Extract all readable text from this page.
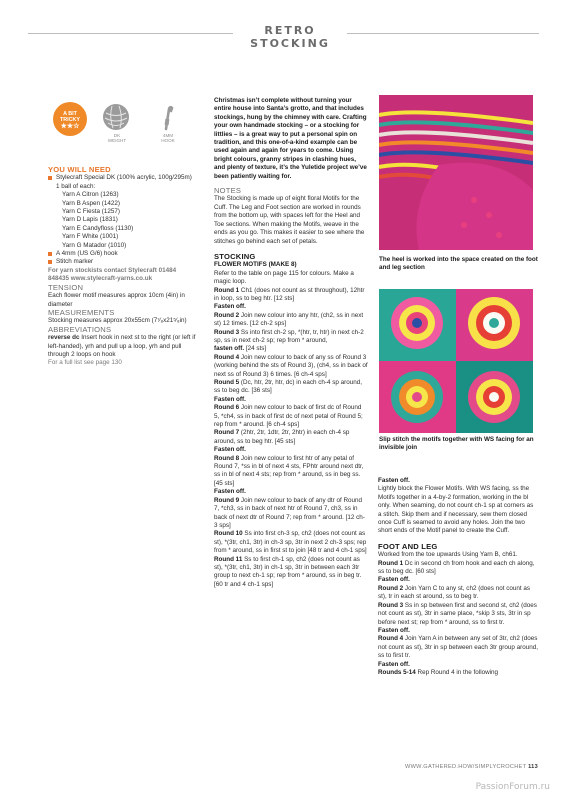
RETRO STOCKING
A BIT TRICKY
★★☆
DK
WEIGHT
4MM
HOOK

YOU WILL NEED

Stylecraft Special DK (100% acrylic, 100g/295m)
1 ball of each:
Yarn A Citron (1263)
Yarn B Aspen (1422)
Yarn C Fiesta (1257)
Yarn D Lapis (1831)
Yarn E Candyfloss (1130)
Yarn F White (1001)
Yarn G Matador (1010)
A 4mm (US G/6) hook
Stitch marker

For yarn stockists contact Stylecraft 01484 848435 www.stylecraft-yarns.co.uk

TENSION

Each flower motif measures approx 10cm (4in) in diameter

MEASUREMENTS

Stocking measures approx 20x55cm (7⁷⁄₈x21⁵⁄₈in)

ABBREVIATIONS

reverse dc Insert hook in next st to the right (or left if left-handed), yrh and pull up a loop, yrh and pull through 2 loops on hook

For a full list see page 130

Christmas isn’t complete without turning your entire house into Santa’s grotto, and that includes stockings, hung by the chimney with care. Crafting your own handmade stocking – or a stocking for littlies – is a great way to put a personal spin on tradition, and this one-of-a-kind example can be used again and again for years to come. Using bright colours, granny stripes in clashing hues, and plenty of texture, it’s the Yuletide project we’ve been patiently waiting for.

NOTES

The Stocking is made up of eight floral Motifs for the Cuff. The Leg and Foot section are worked in rounds from the bottom up, with spaces left for the Heel and Toe sections. When making the Motifs, weave in the ends as you go. This makes it easier to see where the stitches go behind each set of petals.

STOCKING

FLOWER MOTIFS (MAKE 8)

Refer to the table on page 115 for colours. Make a magic loop.

Round 1 Ch1 (does not count as st throughout), 12htr in loop, ss to beg htr. [12 sts]

Fasten off.

Round 2 Join new colour into any htr, (ch2, ss in next st) 12 times. [12 ch-2 sps]

Round 3 Ss into first ch-2 sp, *(htr, tr, htr) in next ch-2 sp, ss in next ch-2 sp; rep from * around,

fasten off. [24 sts]

Round 4 Join new colour to back of any ss of Round 3 (working behind the sts of Round 3), (ch4, ss in back of next ss of Round 3) 6 times. [6 ch-4 sps]

Round 5 (Dc, htr, 2tr, htr, dc) in each ch-4 sp around, ss to beg dc. [36 sts]

Fasten off.

Round 6 Join new colour to back of first dc of Round 5, *ch4, ss in back of first dc of next petal of Round 5; rep from * around. [6 ch-4 sps]

Round 7 (2htr, 2tr, 1dtr, 2tr, 2htr) in each ch-4 sp around, ss to beg htr. [45 sts]

Fasten off.

Round 8 Join new colour to first htr of any petal of Round 7, *ss in bl of next 4 sts, FPhtr around next dtr, ss in bl of next 4 sts; rep from * around, ss in beg ss. [45 sts]

Fasten off.

Round 9 Join new colour to back of any dtr of Round 7, *ch3, ss in back of next htr of Round 7, ch3, ss in back of next dtr of Round 7; rep from * around. [12 ch-3 sps]

Round 10 Ss into first ch-3 sp, ch2 (does not count as st), *(3tr, ch1, 3tr) in ch-3 sp, 3tr in next 2 ch-3 sps; rep from * around, ss in first st to join [48 tr and 4 ch-1 sps]

Round 11 Ss to first ch-1 sp, ch2 (does not count as st), *(3tr, ch1, 3tr) in ch-1 sp, 3tr in between each 3tr group to next ch-1 sp; rep from * around, ss in beg tr. [60 tr and 4 ch-1 sps]

The heel is worked into the space created on the foot and leg section
Slip stitch the motifs together with WS facing for an invisible join

Fasten off.

Lightly block the Flower Motifs. With WS facing, ss the Motifs together in a 4-by-2 formation, working in the bl only. When seaming, do not count ch-1 sp at corners as a stitch. Skip them and if necessary, sew them closed once Cuff is seamed to avoid any holes. Join the two short ends of the Motif panel to create the Cuff.

FOOT AND LEG

Worked from the toe upwards Using Yarn B, ch61.

Round 1 Dc in second ch from hook and each ch along, ss to beg dc. [60 sts]

Fasten off.

Round 2 Join Yarn C to any st, ch2 (does not count as st), tr in each st around, ss to beg tr.

Round 3 Ss in sp between first and second st, ch2 (does not count as st), 3tr in same place, *skip 3 sts, 3tr in sp before next st; rep from * around, ss to first tr.

Fasten off.

Round 4 Join Yarn A in between any set of 3tr, ch2 (does not count as st), 3tr in sp between each 3tr group around, ss to first tr.

Fasten off.

Rounds 5-14 Rep Round 4 in the following

WWW.GATHERED.HOW/SIMPLYCROCHET 113
PassionForum.ru
